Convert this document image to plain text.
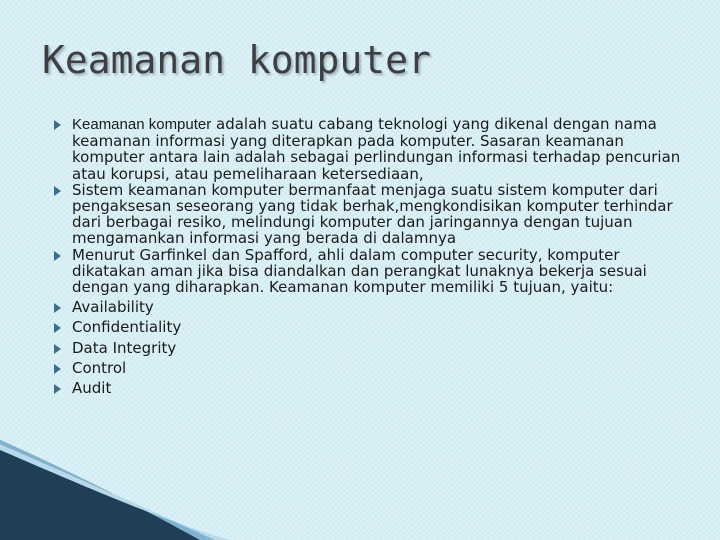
Keamanan komputer
Keamanan komputer adalah suatu cabang teknologi yang dikenal dengan nama keamanan informasi yang diterapkan pada komputer. Sasaran keamanan komputer antara lain adalah sebagai perlindungan informasi terhadap pencurian atau korupsi, atau pemeliharaan ketersediaan,
Sistem keamanan komputer bermanfaat menjaga suatu sistem komputer dari pengaksesan seseorang yang tidak berhak,mengkondisikan komputer terhindar dari berbagai resiko, melindungi komputer dan jaringannya dengan tujuan mengamankan informasi yang berada di dalamnya
Menurut Garfinkel dan Spafford, ahli dalam computer security, komputer dikatakan aman jika bisa diandalkan dan perangkat lunaknya bekerja sesuai dengan yang diharapkan. Keamanan komputer memiliki 5 tujuan, yaitu:
Availability
Confidentiality
Data Integrity
Control
Audit
